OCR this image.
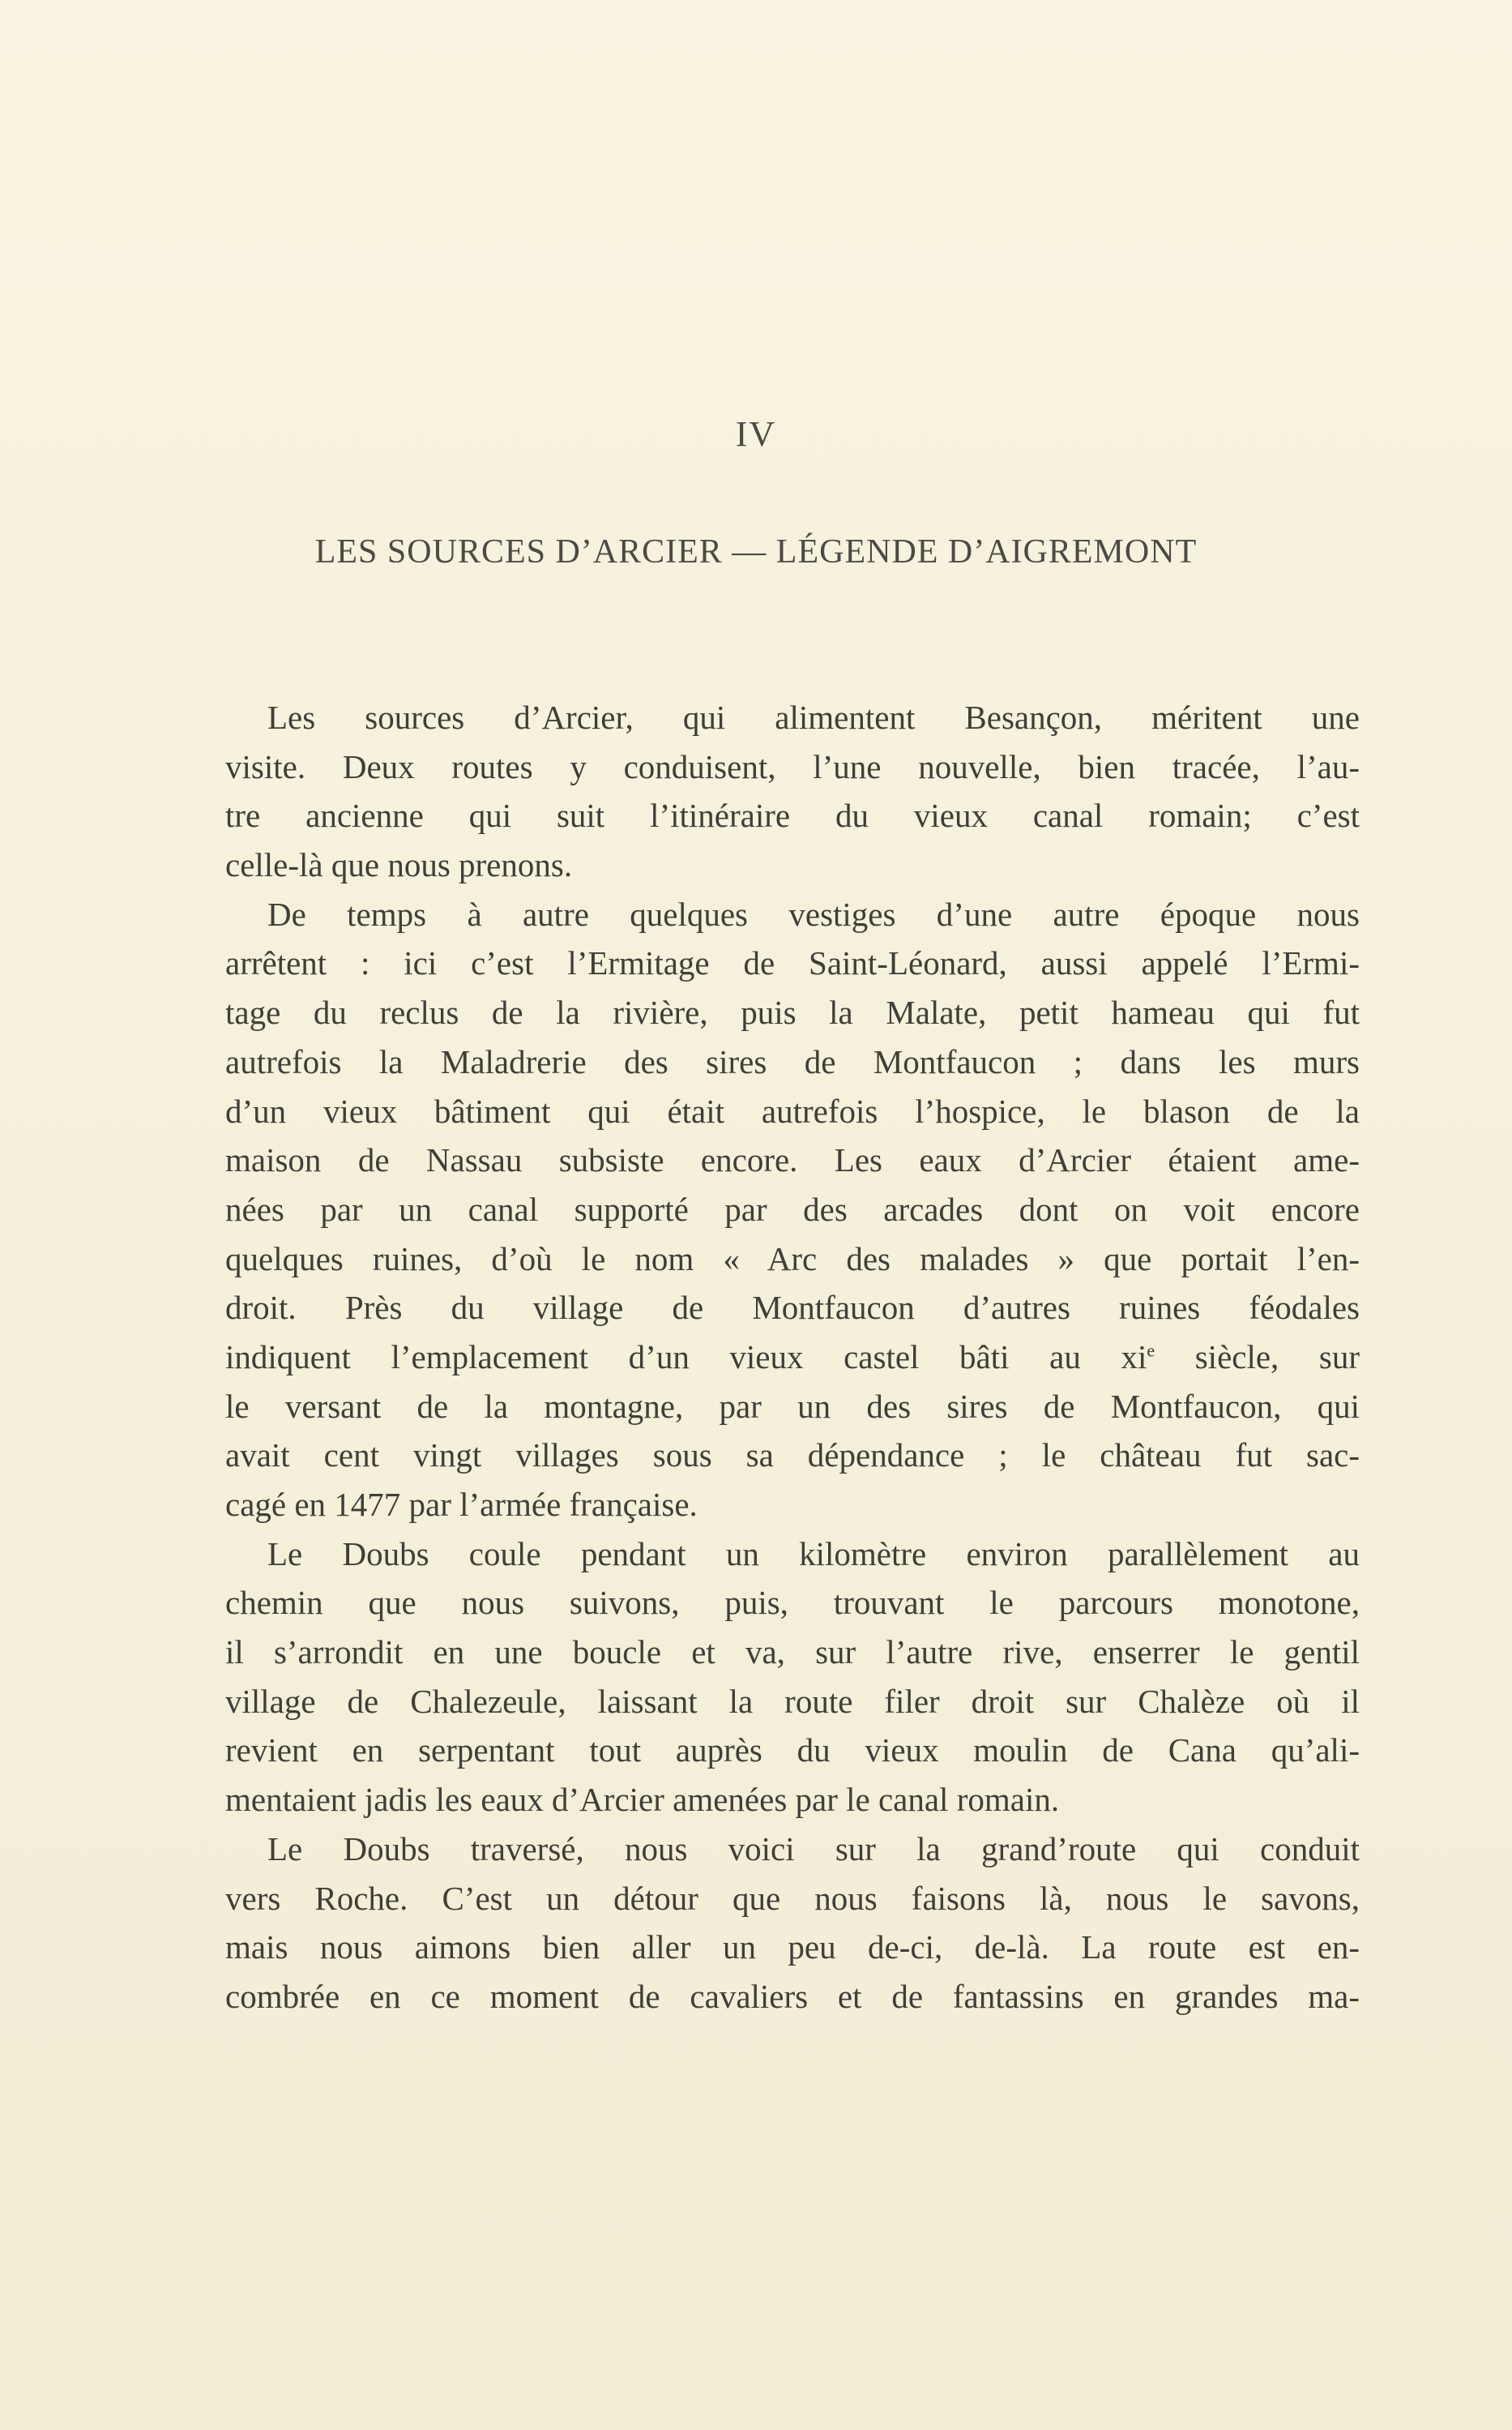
IV
LES SOURCES D’ARCIER — LÉGENDE D’AIGREMONT
Les sources d’Arcier, qui alimentent Besançon, méritent une
visite. Deux routes y conduisent, l’une nouvelle, bien tracée, l’au-
tre ancienne qui suit l’itinéraire du vieux canal romain; c’est
celle-là que nous prenons.
De temps à autre quelques vestiges d’une autre époque nous
arrêtent : ici c’est l’Ermitage de Saint-Léonard, aussi appelé l’Ermi-
tage du reclus de la rivière, puis la Malate, petit hameau qui fut
autrefois la Maladrerie des sires de Montfaucon ; dans les murs
d’un vieux bâtiment qui était autrefois l’hospice, le blason de la
maison de Nassau subsiste encore. Les eaux d’Arcier étaient ame-
nées par un canal supporté par des arcades dont on voit encore
quelques ruines, d’où le nom « Arc des malades » que portait l’en-
droit. Près du village de Montfaucon d’autres ruines féodales
indiquent l’emplacement d’un vieux castel bâti au $xi^e$ siècle, sur
le versant de la montagne, par un des sires de Montfaucon, qui
avait cent vingt villages sous sa dépendance ; le château fut sac-
cagé en 1477 par l’armée française.
Le Doubs coule pendant un kilomètre environ parallèlement au
chemin que nous suivons, puis, trouvant le parcours monotone,
il s’arrondit en une boucle et va, sur l’autre rive, enserrer le gentil
village de Chalezeule, laissant la route filer droit sur Chalèze où il
revient en serpentant tout auprès du vieux moulin de Cana qu’ali-
mentaient jadis les eaux d’Arcier amenées par le canal romain.
Le Doubs traversé, nous voici sur la grand’route qui conduit
vers Roche. C’est un détour que nous faisons là, nous le savons,
mais nous aimons bien aller un peu de-ci, de-là. La route est en-
combrée en ce moment de cavaliers et de fantassins en grandes ma-
